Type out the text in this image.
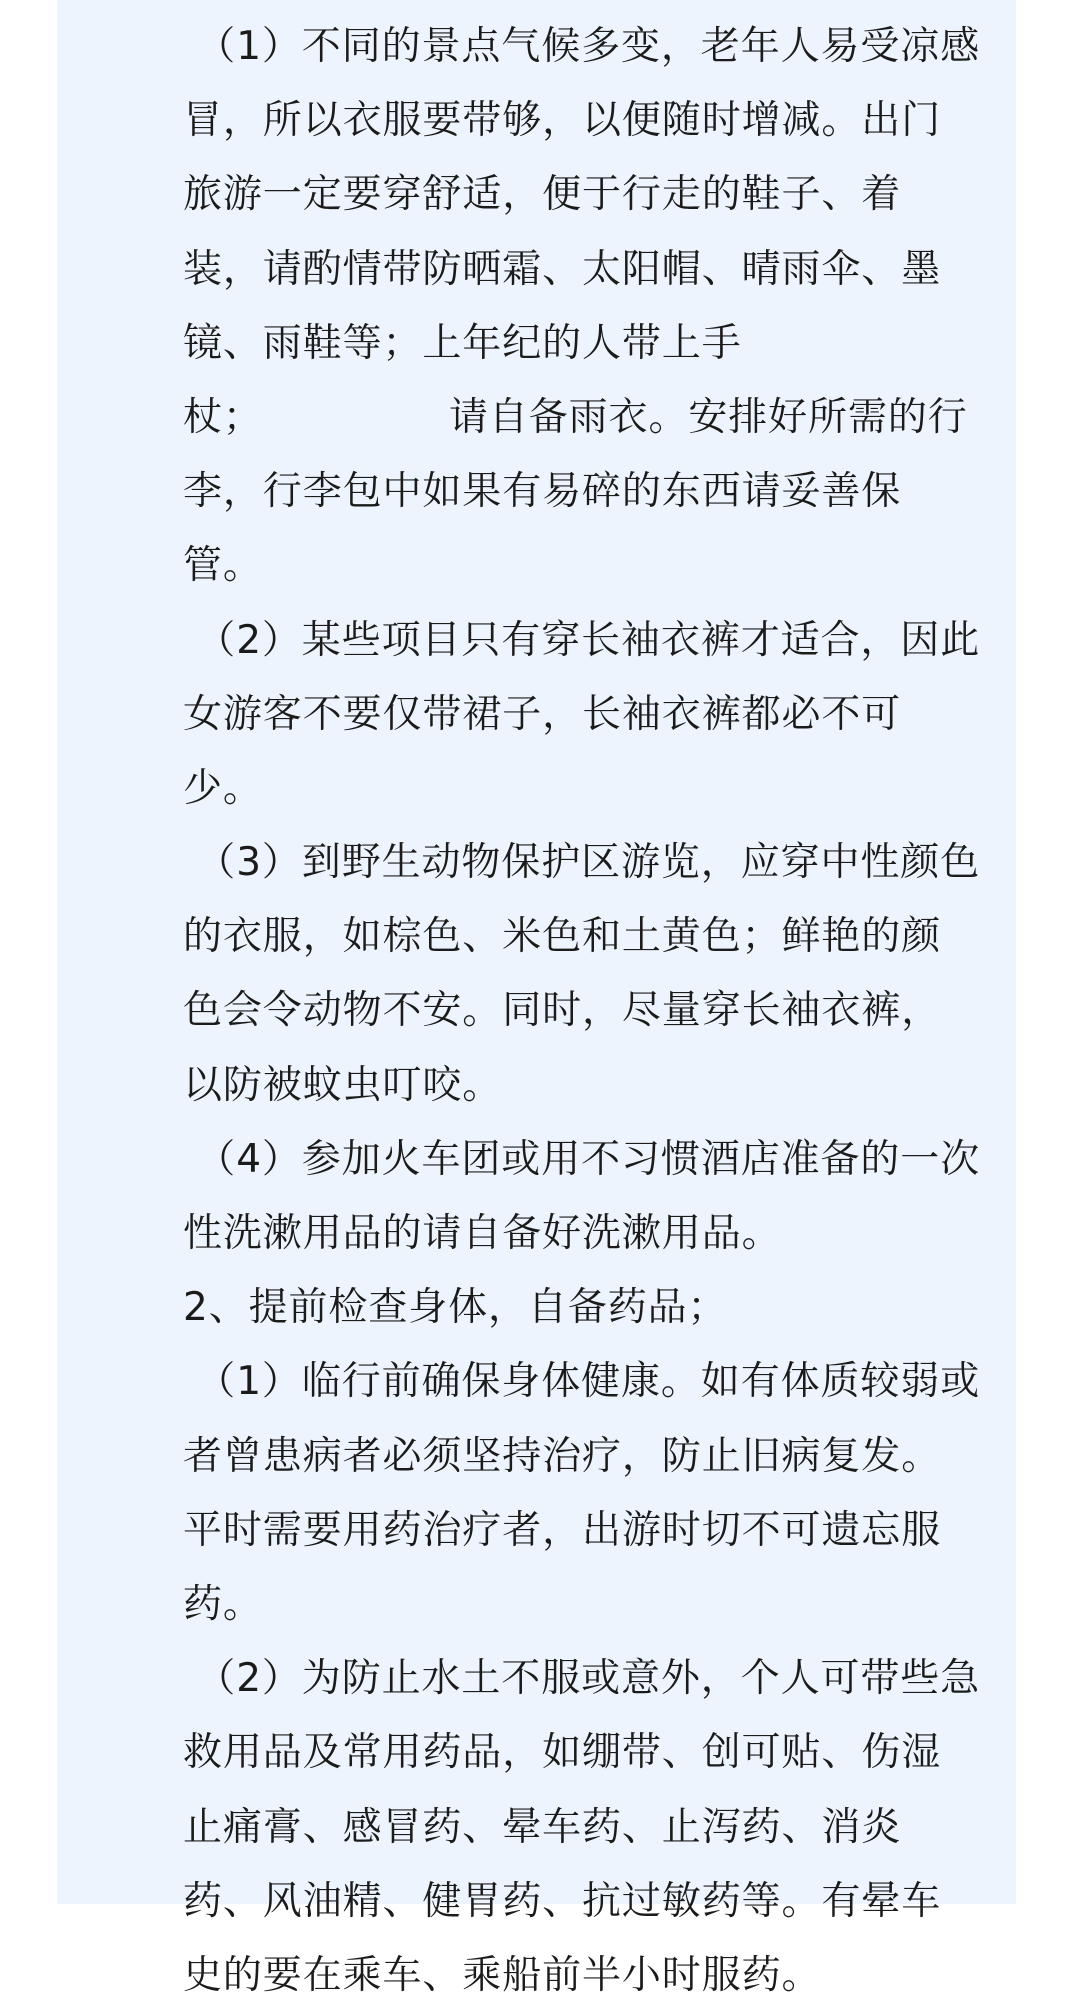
（1）不同的景点气候多变，老年人易受凉感
冒，所以衣服要带够，以便随时增减。出门
旅游一定要穿舒适，便于行走的鞋子、着
装，请酌情带防晒霜、太阳帽、晴雨伞、墨
镜、雨鞋等；上年纪的人带上手
杖；              请自备雨衣。安排好所需的行
李，行李包中如果有易碎的东西请妥善保
管。
（2）某些项目只有穿长袖衣裤才适合，因此
女游客不要仅带裙子，长袖衣裤都必不可
少。
（3）到野生动物保护区游览，应穿中性颜色
的衣服，如棕色、米色和土黄色；鲜艳的颜
色会令动物不安。同时，尽量穿长袖衣裤，
以防被蚊虫叮咬。
（4）参加火车团或用不习惯酒店准备的一次
性洗漱用品的请自备好洗漱用品。
2、提前检查身体，自备药品；
（1）临行前确保身体健康。如有体质较弱或
者曾患病者必须坚持治疗，防止旧病复发。
平时需要用药治疗者，出游时切不可遗忘服
药。
（2）为防止水土不服或意外，个人可带些急
救用品及常用药品，如绷带、创可贴、伤湿
止痛膏、感冒药、晕车药、止泻药、消炎
药、风油精、健胃药、抗过敏药等。有晕车
史的要在乘车、乘船前半小时服药。
